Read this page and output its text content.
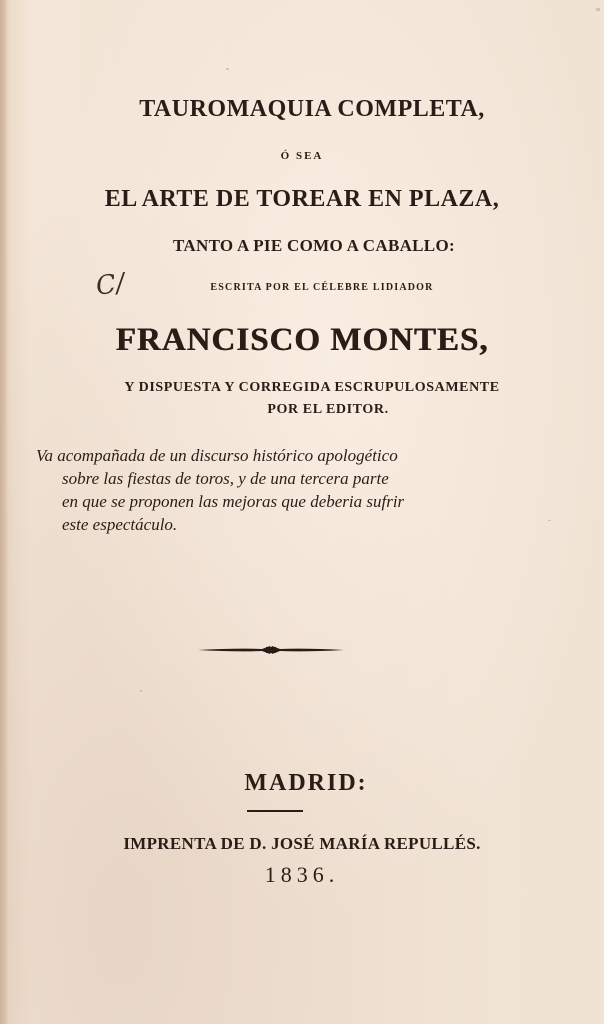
TAUROMAQUIA COMPLETA,
Ó SEA
EL ARTE DE TOREAR EN PLAZA,
TANTO A PIE COMO A CABALLO:
C/	ESCRITA POR EL CÉLEBRE LIDIADOR
FRANCISCO MONTES,
Y DISPUESTA Y CORREGIDA ESCRUPULOSAMENTE
POR EL EDITOR.
Va acompañada de un discurso histórico apologético
sobre las fiestas de toros, y de una tercera parte
en que se proponen las mejoras que deberia sufrir
este espectáculo.
MADRID:
IMPRENTA DE D. JOSÉ MARÍA REPULLÉS.
1836.
